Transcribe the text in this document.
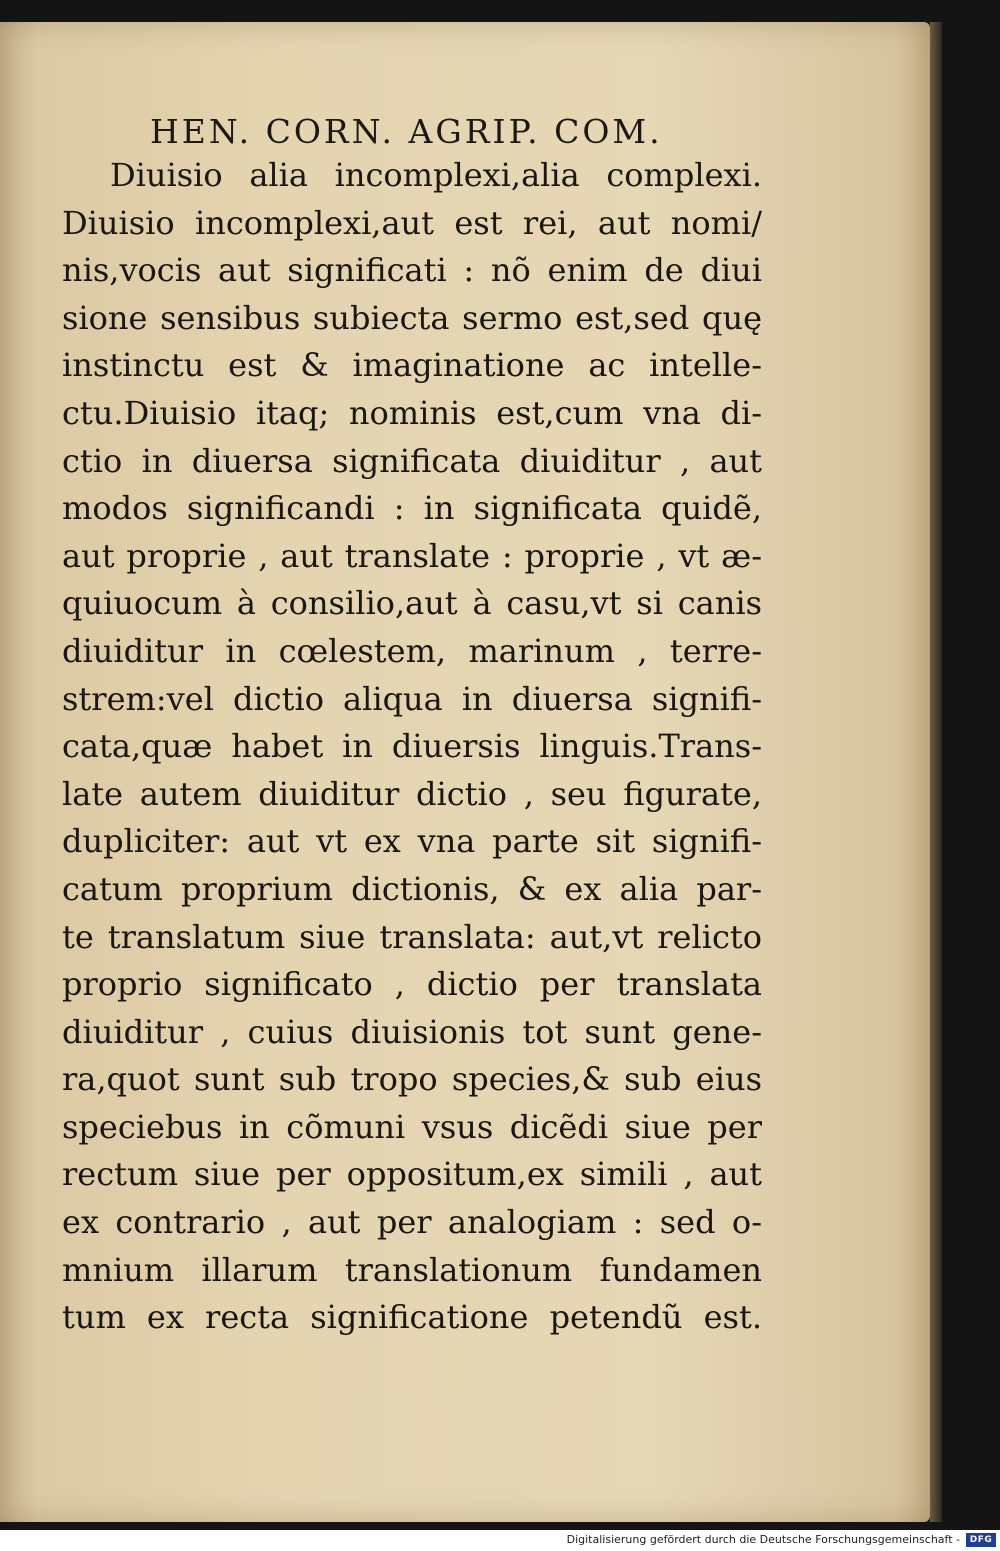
HEN. CORN. AGRIP. COM.
Diuisio alia incomplexi,alia complexi.
Diuisio incomplexi,aut est rei, aut nomi/
nis,vocis aut significati : nõ enim de diui
sione sensibus subiecta sermo est,sed quę
instinctu est & imaginatione ac intelle-
ctu.Diuisio itaq; nominis est,cum vna di-
ctio in diuersa significata diuiditur , aut
modos significandi : in significata quidẽ,
aut proprie , aut translate : proprie , vt æ-
quiuocum à consilio,aut à casu,vt si canis
diuiditur in cœlestem, marinum , terre-
strem:vel dictio aliqua in diuersa signifi-
cata,quæ habet in diuersis linguis.Trans-
late autem diuiditur dictio , seu figurate,
dupliciter: aut vt ex vna parte sit signifi-
catum proprium dictionis, & ex alia par-
te translatum siue translata: aut,vt relicto
proprio significato , dictio per translata
diuiditur , cuius diuisionis tot sunt gene-
ra,quot sunt sub tropo species,& sub eius
speciebus in cõmuni vsus dicẽdi siue per
rectum siue per oppositum,ex simili , aut
ex contrario , aut per analogiam : sed o-
mnium illarum translationum fundamen
tum ex recta significatione petendũ est.
Digitalisierung gefördert durch die Deutsche Forschungsgemeinschaft -	DFG
